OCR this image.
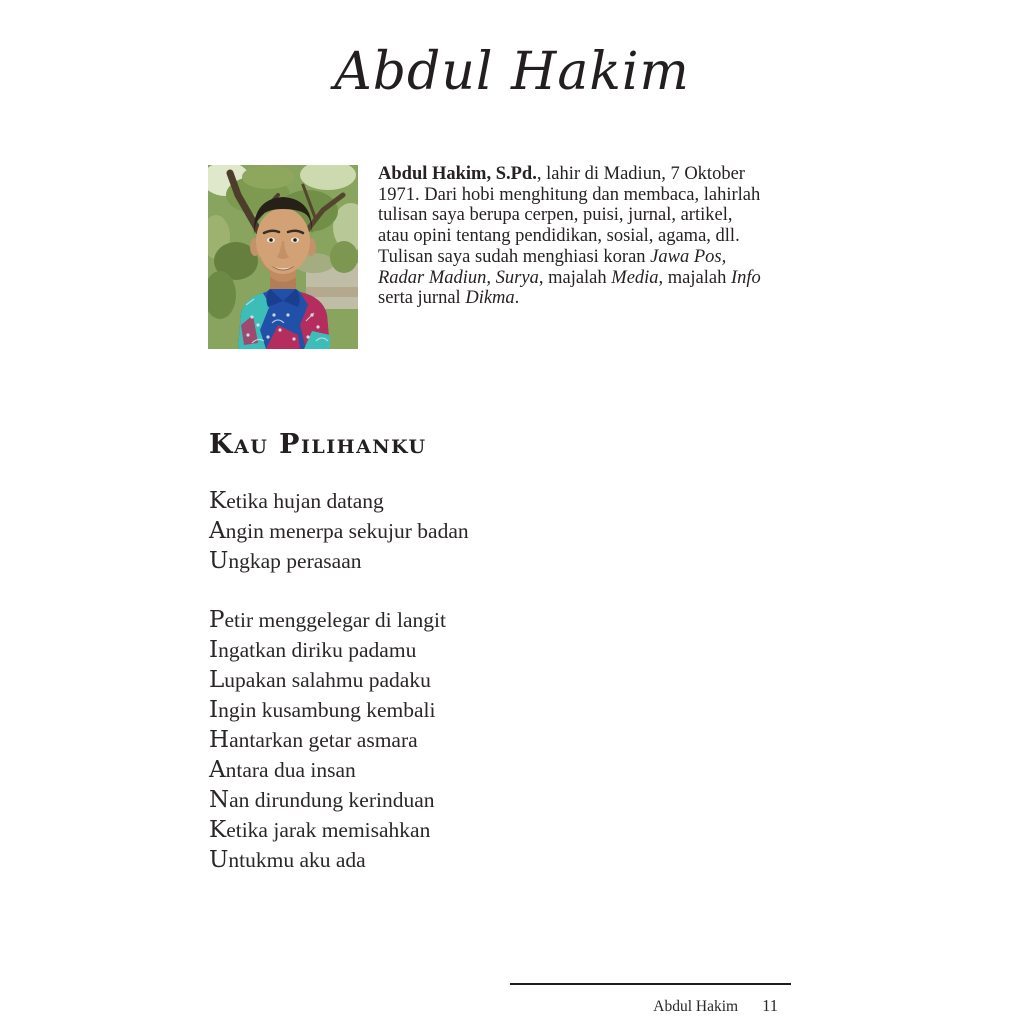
Abdul Hakim

Abdul Hakim, S.Pd., lahir di Madiun, 7 Oktober 1971. Dari hobi menghitung dan membaca, lahirlah tulisan saya berupa cerpen, puisi, jurnal, artikel, atau opini tentang pendidikan, sosial, agama, dll. Tulisan saya sudah menghiasi koran Jawa Pos, Radar Madiun, Surya, majalah Media, majalah Info serta jurnal Dikma.

Kau Pilihanku

Ketika hujan datang

Angin menerpa sekujur badan

Ungkap perasaan

Petir menggelegar di langit

Ingatkan diriku padamu

Lupakan salahmu padaku

Ingin kusambung kembali

Hantarkan getar asmara

Antara dua insan

Nan dirundung kerinduan

Ketika jarak memisahkan

Untukmu aku ada

Abdul Hakim 11
